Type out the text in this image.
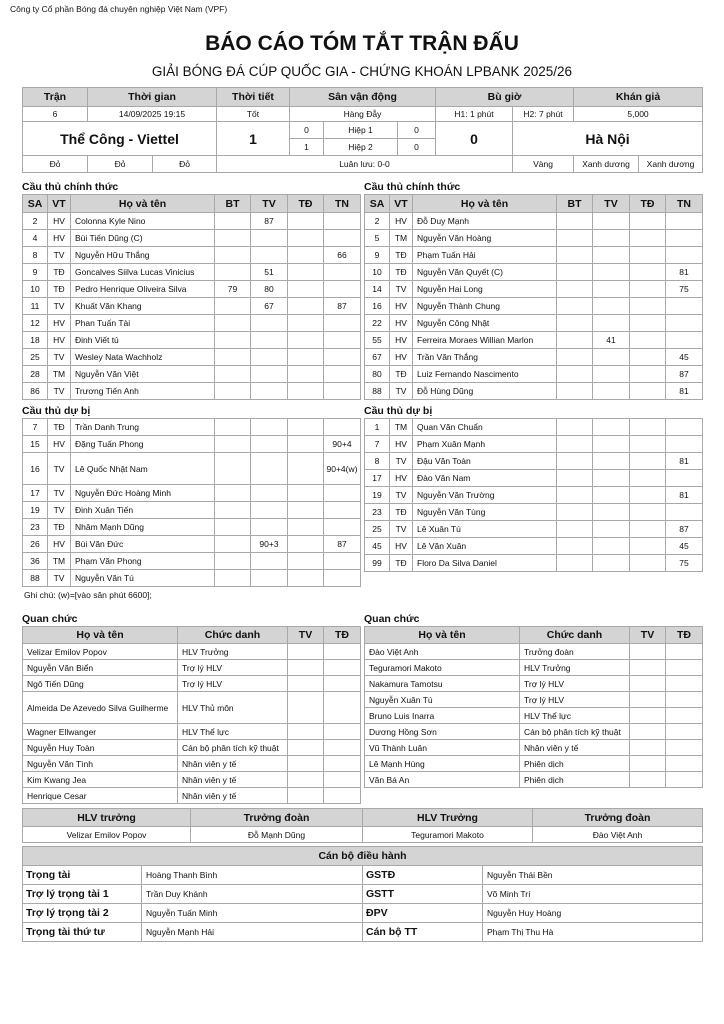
Công ty Cổ phần Bóng đá chuyên nghiệp Việt Nam (VPF)
BÁO CÁO TÓM TẮT TRẬN ĐẤU
GIẢI BÓNG ĐÁ CÚP QUỐC GIA - CHỨNG KHOÁN LPBANK 2025/26
Trận	Thời gian		Thời tiết	Sân vận động			Bù giờ		Khán giả	
6	14/09/2025 19:15		Tốt	Hàng Đẫy			H1: 1 phút	H2: 7 phút	5,000	
Thể Công - Viettel			1	0	Hiệp 1	0	0	Hà Nội		
				1	Hiệp 2	0				
Đỏ	Đỏ	Đỏ	Luân lưu: 0-0					Vàng	Xanh dương	Xanh dương
Cầu thủ chính thức	Cầu thủ chính thức
SA	VT	Họ và tên	BT	TV	TĐ	TN
2	HV	Colonna Kyle Nino		87		
4	HV	Bùi Tiến Dũng (C)				
8	TV	Nguyễn Hữu Thắng				66
9	TĐ	Goncalves Siilva Lucas Vinicius		51		
10	TĐ	Pedro Henrique Oliveira Silva	79	80		
11	TV	Khuất Văn Khang		67		87
12	HV	Phan Tuấn Tài				
18	HV	Đinh Viết tú				
25	TV	Wesley Nata Wachholz				
28	TM	Nguyễn Văn Việt				
86	TV	Trương Tiến Anh				
SA	VT	Họ và tên	BT	TV	TĐ	TN
2	HV	Đỗ Duy Mạnh				
5	TM	Nguyễn Văn Hoàng				
9	TĐ	Phạm Tuấn Hải				
10	TĐ	Nguyễn Văn Quyết (C)				81
14	TV	Nguyễn Hai Long				75
16	HV	Nguyễn Thành Chung				
22	HV	Nguyễn Công Nhật				
55	HV	Ferreira Moraes Willian Marlon		41		
67	HV	Trần Văn Thắng				45
80	TĐ	Luiz Fernando Nascimento				87
88	TV	Đỗ Hùng Dũng				81
Cầu thủ dự bị	Cầu thủ dự bị
7	TĐ	Trần Danh Trung				
15	HV	Đặng Tuấn Phong				90+4
16	TV	Lê Quốc Nhật Nam				90+4(w)
17	TV	Nguyễn Đức Hoàng Minh				
19	TV	Đinh Xuân Tiến				
23	TĐ	Nhâm Mạnh Dũng				
26	HV	Bùi Văn Đức		90+3		87
36	TM	Phạm Văn Phong				
88	TV	Nguyễn Văn Tú				
1	TM	Quan Văn Chuẩn				
7	HV	Phạm Xuân Mạnh				
8	TV	Đậu Văn Toàn				81
17	HV	Đào Văn Nam				
19	TV	Nguyễn Văn Trường				81
23	TĐ	Nguyễn Văn Tùng				
25	TV	Lê Xuân Tú				87
45	HV	Lê Văn Xuân				45
99	TĐ	Floro Da Silva Daniel				75
Ghi chú: (w)=[vào sân phút 6600];
Quan chức	Quan chức
Họ và tên	Chức danh	TV	TĐ
Velizar Emilov Popov	HLV Trưởng		
Nguyễn Văn Biển	Trợ lý HLV		
Ngô Tiến Dũng	Trợ lý HLV		
Almeida De Azevedo Silva Guilherme	HLV Thủ môn		
Wagner Ellwanger	HLV Thể lực		
Nguyễn Huy Toàn	Cán bộ phân tích kỹ thuật		
Nguyễn Văn Tình	Nhân viên y tế		
Kim Kwang Jea	Nhân viên y tế		
Henrique Cesar	Nhân viên y tế		
Họ và tên	Chức danh	TV	TĐ
Đào Việt Anh	Trưởng đoàn		
Teguramori Makoto	HLV Trưởng		
Nakamura Tamotsu	Trợ lý HLV		
Nguyễn Xuân Tú	Trợ lý HLV		
Bruno Luis Inarra	HLV Thể lực		
Dương Hồng Sơn	Cán bộ phân tích kỹ thuật		
Vũ Thành Luân	Nhân viên y tế		
Lê Mạnh Hùng	Phiên dịch		
Văn Bá An	Phiên dịch		
HLV trưởng	Trưởng đoàn	HLV Trưởng	Trưởng đoàn
Velizar Emilov Popov	Đỗ Mạnh Dũng	Teguramori Makoto	Đào Việt Anh
Cán bộ điều hành			
Trọng tài	Hoàng Thanh Bình	GSTĐ	Nguyễn Thái Bền
Trợ lý trọng tài 1	Trần Duy Khánh	GSTT	Võ Minh Trí
Trợ lý trọng tài 2	Nguyễn Tuấn Minh	ĐPV	Nguyễn Huy Hoàng
Trọng tài thứ tư	Nguyễn Mạnh Hải	Cán bộ TT	Phạm Thị Thu Hà
